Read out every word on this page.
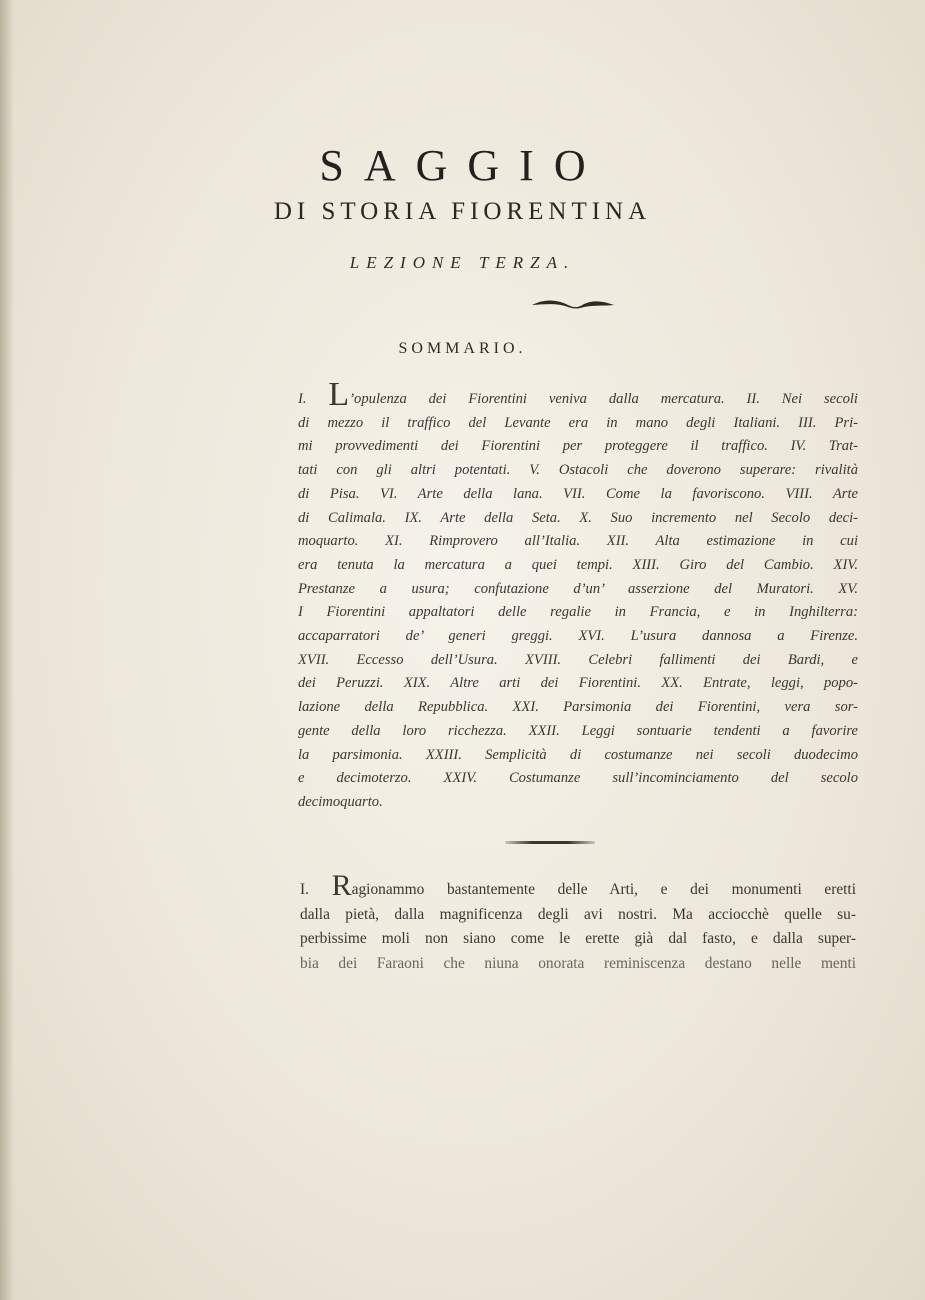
SAGGIO
DI STORIA FIORENTINA
LEZIONE TERZA.
SOMMARIO.
I. L’opulenza dei Fiorentini veniva dalla mercatura. II. Nei secoli
di mezzo il traffico del Levante era in mano degli Italiani. III. Pri-
mi provvedimenti dei Fiorentini per proteggere il traffico. IV. Trat-
tati con gli altri potentati. V. Ostacoli che doverono superare: rivalità
di Pisa. VI. Arte della lana. VII. Come la favoriscono. VIII. Arte
di Calimala. IX. Arte della Seta. X. Suo incremento nel Secolo deci-
moquarto. XI. Rimprovero all’Italia. XII. Alta estimazione in cui
era tenuta la mercatura a quei tempi. XIII. Giro del Cambio. XIV.
Prestanze a usura; confutazione d’un’ asserzione del Muratori. XV.
I Fiorentini appaltatori delle regalie in Francia, e in Inghilterra:
accaparratori de’ generi greggi. XVI. L’usura dannosa a Firenze.
XVII. Eccesso dell’Usura. XVIII. Celebri fallimenti dei Bardi, e
dei Peruzzi. XIX. Altre arti dei Fiorentini. XX. Entrate, leggi, popo-
lazione della Repubblica. XXI. Parsimonia dei Fiorentini, vera sor-
gente della loro ricchezza. XXII. Leggi sontuarie tendenti a favorire
la parsimonia. XXIII. Semplicità di costumanze nei secoli duodecimo
e decimoterzo. XXIV. Costumanze sull’incominciamento del secolo
decimoquarto.
I. Ragionammo bastantemente delle Arti, e dei monumenti eretti
dalla pietà, dalla magnificenza degli avi nostri. Ma acciocchè quelle su-
perbissime moli non siano come le erette già dal fasto, e dalla super-
bia dei Faraoni che niuna onorata reminiscenza destano nelle menti
